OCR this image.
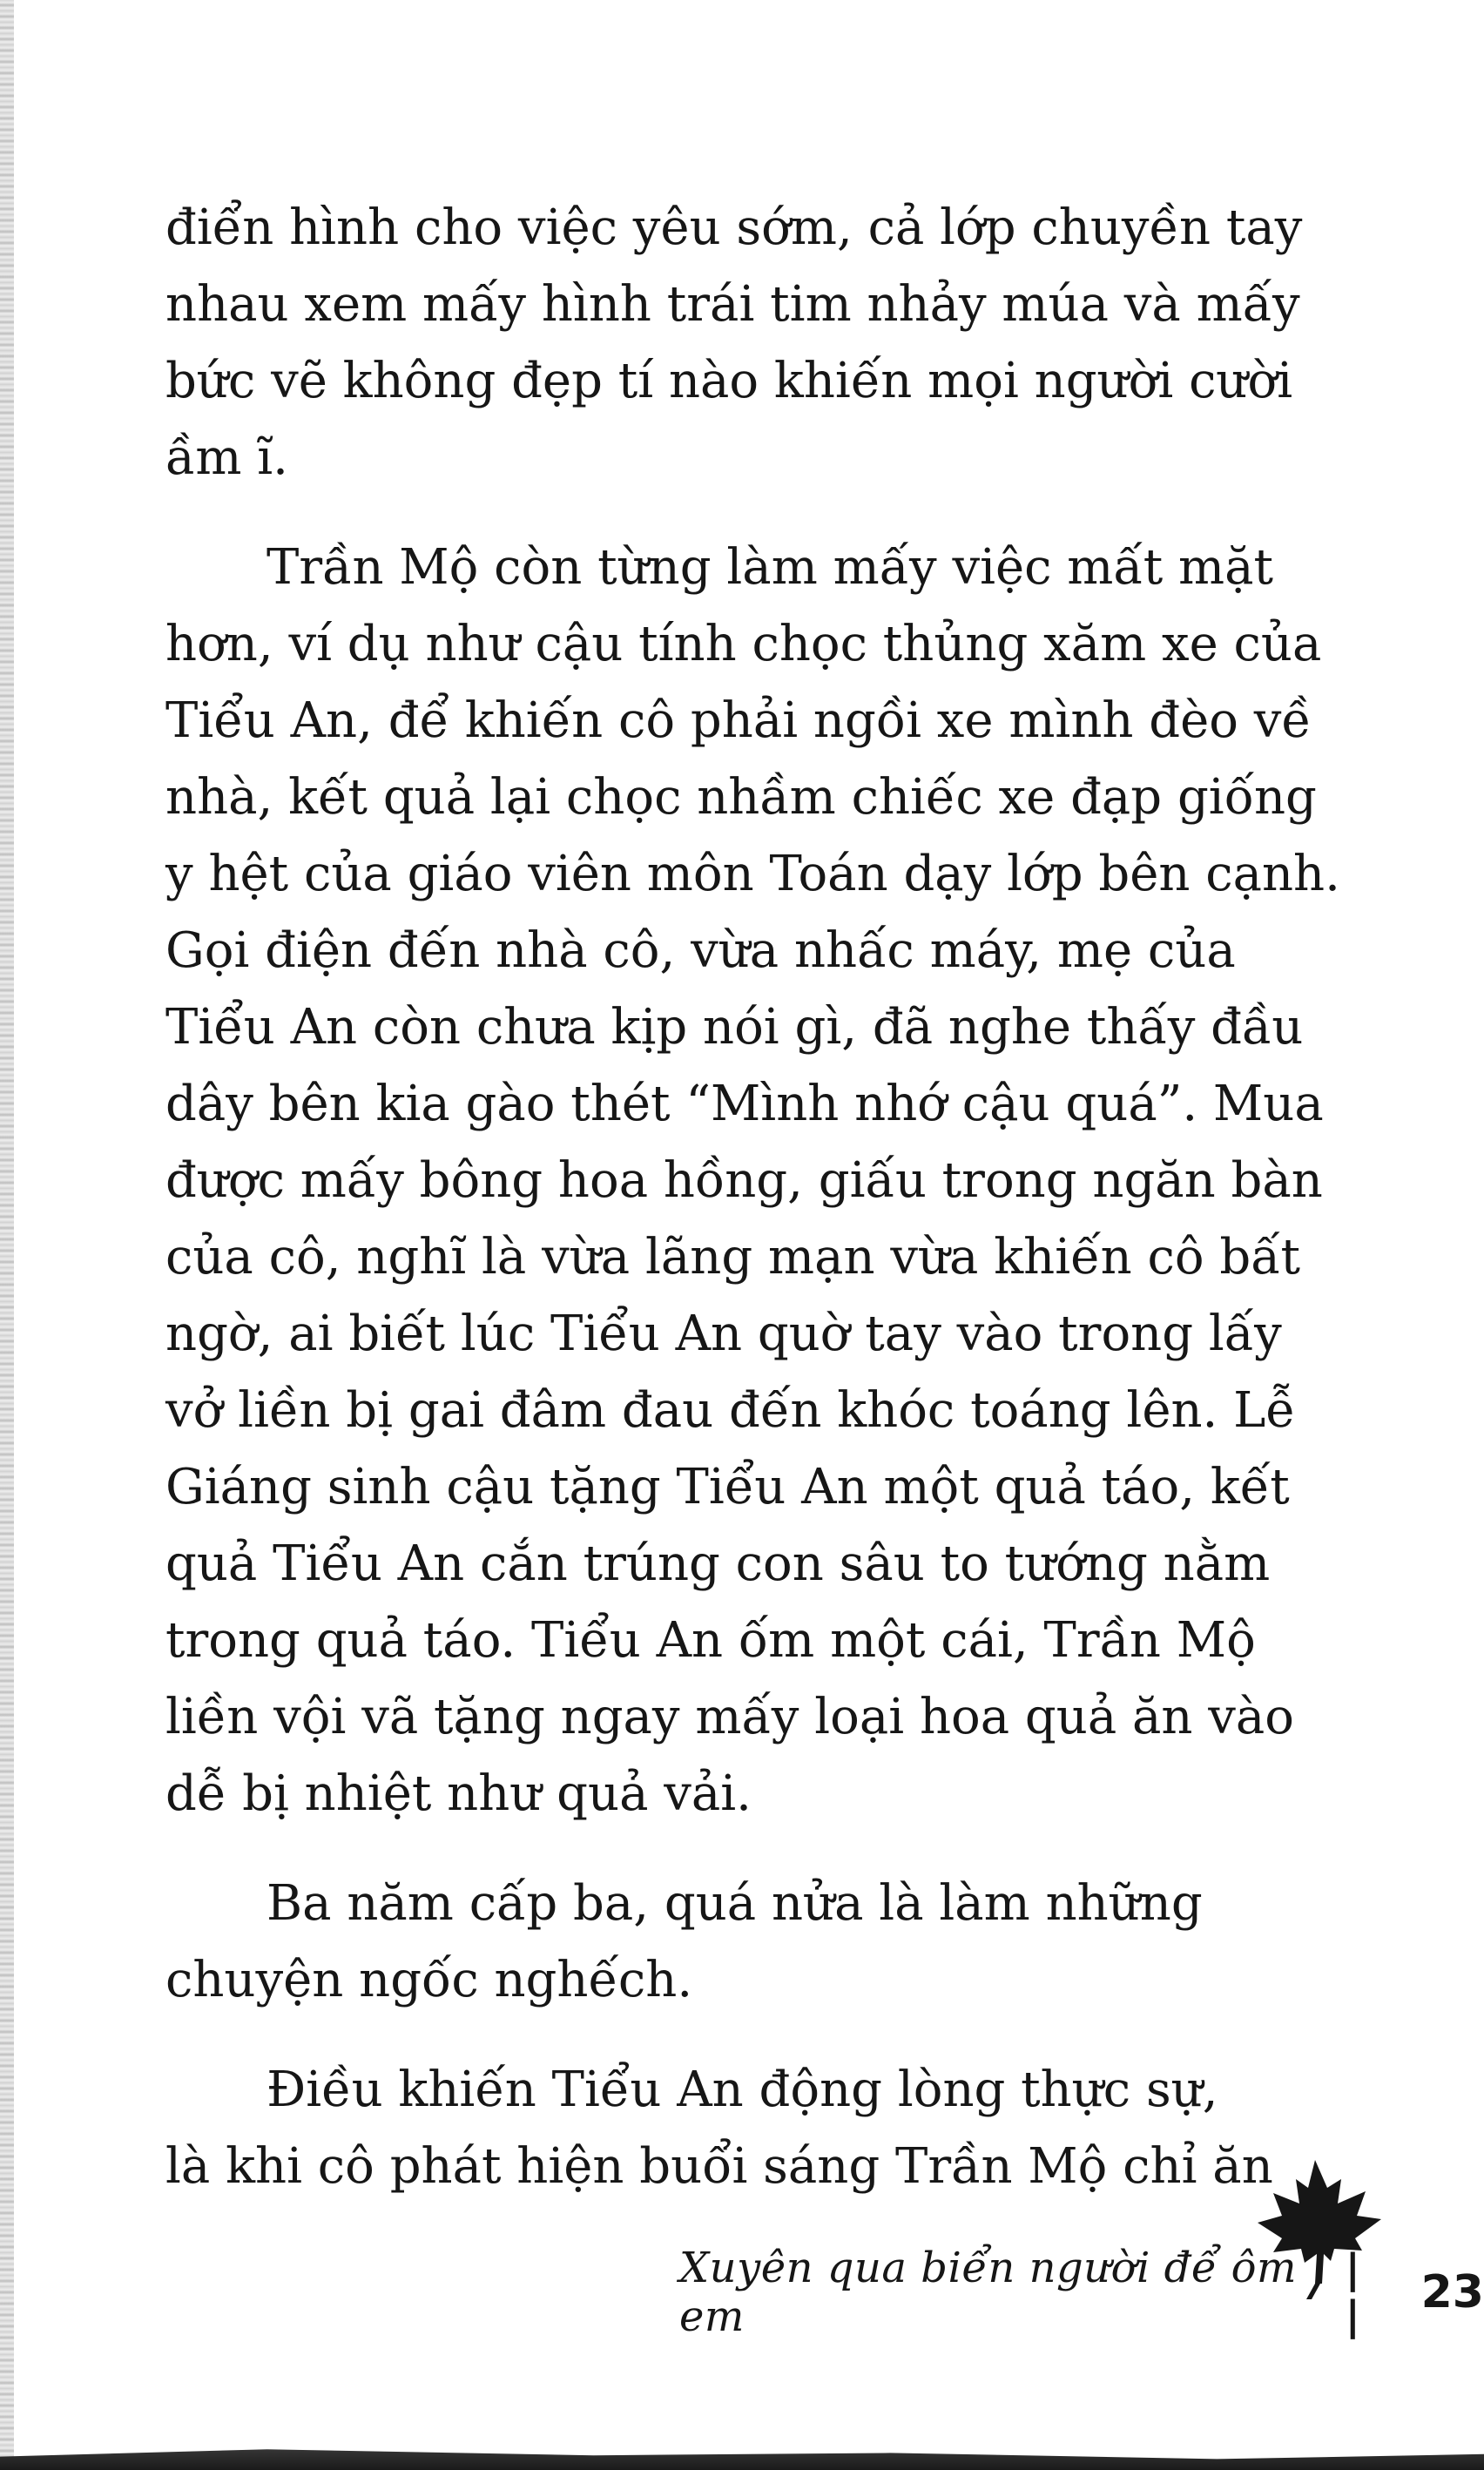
điển hình cho việc yêu sớm, cả lớp chuyền tay
nhau xem mấy hình trái tim nhảy múa và mấy
bức vẽ không đẹp tí nào khiến mọi người cười
ầm ĩ.

Trần Mộ còn từng làm mấy việc mất mặt
hơn, ví dụ như cậu tính chọc thủng xăm xe của
Tiểu An, để khiến cô phải ngồi xe mình đèo về
nhà, kết quả lại chọc nhầm chiếc xe đạp giống
y hệt của giáo viên môn Toán dạy lớp bên cạnh.
Gọi điện đến nhà cô, vừa nhấc máy, mẹ của
Tiểu An còn chưa kịp nói gì, đã nghe thấy đầu
dây bên kia gào thét “Mình nhớ cậu quá”. Mua
được mấy bông hoa hồng, giấu trong ngăn bàn
của cô, nghĩ là vừa lãng mạn vừa khiến cô bất
ngờ, ai biết lúc Tiểu An quờ tay vào trong lấy
vở liền bị gai đâm đau đến khóc toáng lên. Lễ
Giáng sinh cậu tặng Tiểu An một quả táo, kết
quả Tiểu An cắn trúng con sâu to tướng nằm
trong quả táo. Tiểu An ốm một cái, Trần Mộ
liền vội vã tặng ngay mấy loại hoa quả ăn vào
dễ bị nhiệt như quả vải.

Ba năm cấp ba, quá nửa là làm những
chuyện ngốc nghếch.

Điều khiến Tiểu An động lòng thực sự,
là khi cô phát hiện buổi sáng Trần Mộ chỉ ăn

Xuyên qua biển người để ôm em
| |	23
